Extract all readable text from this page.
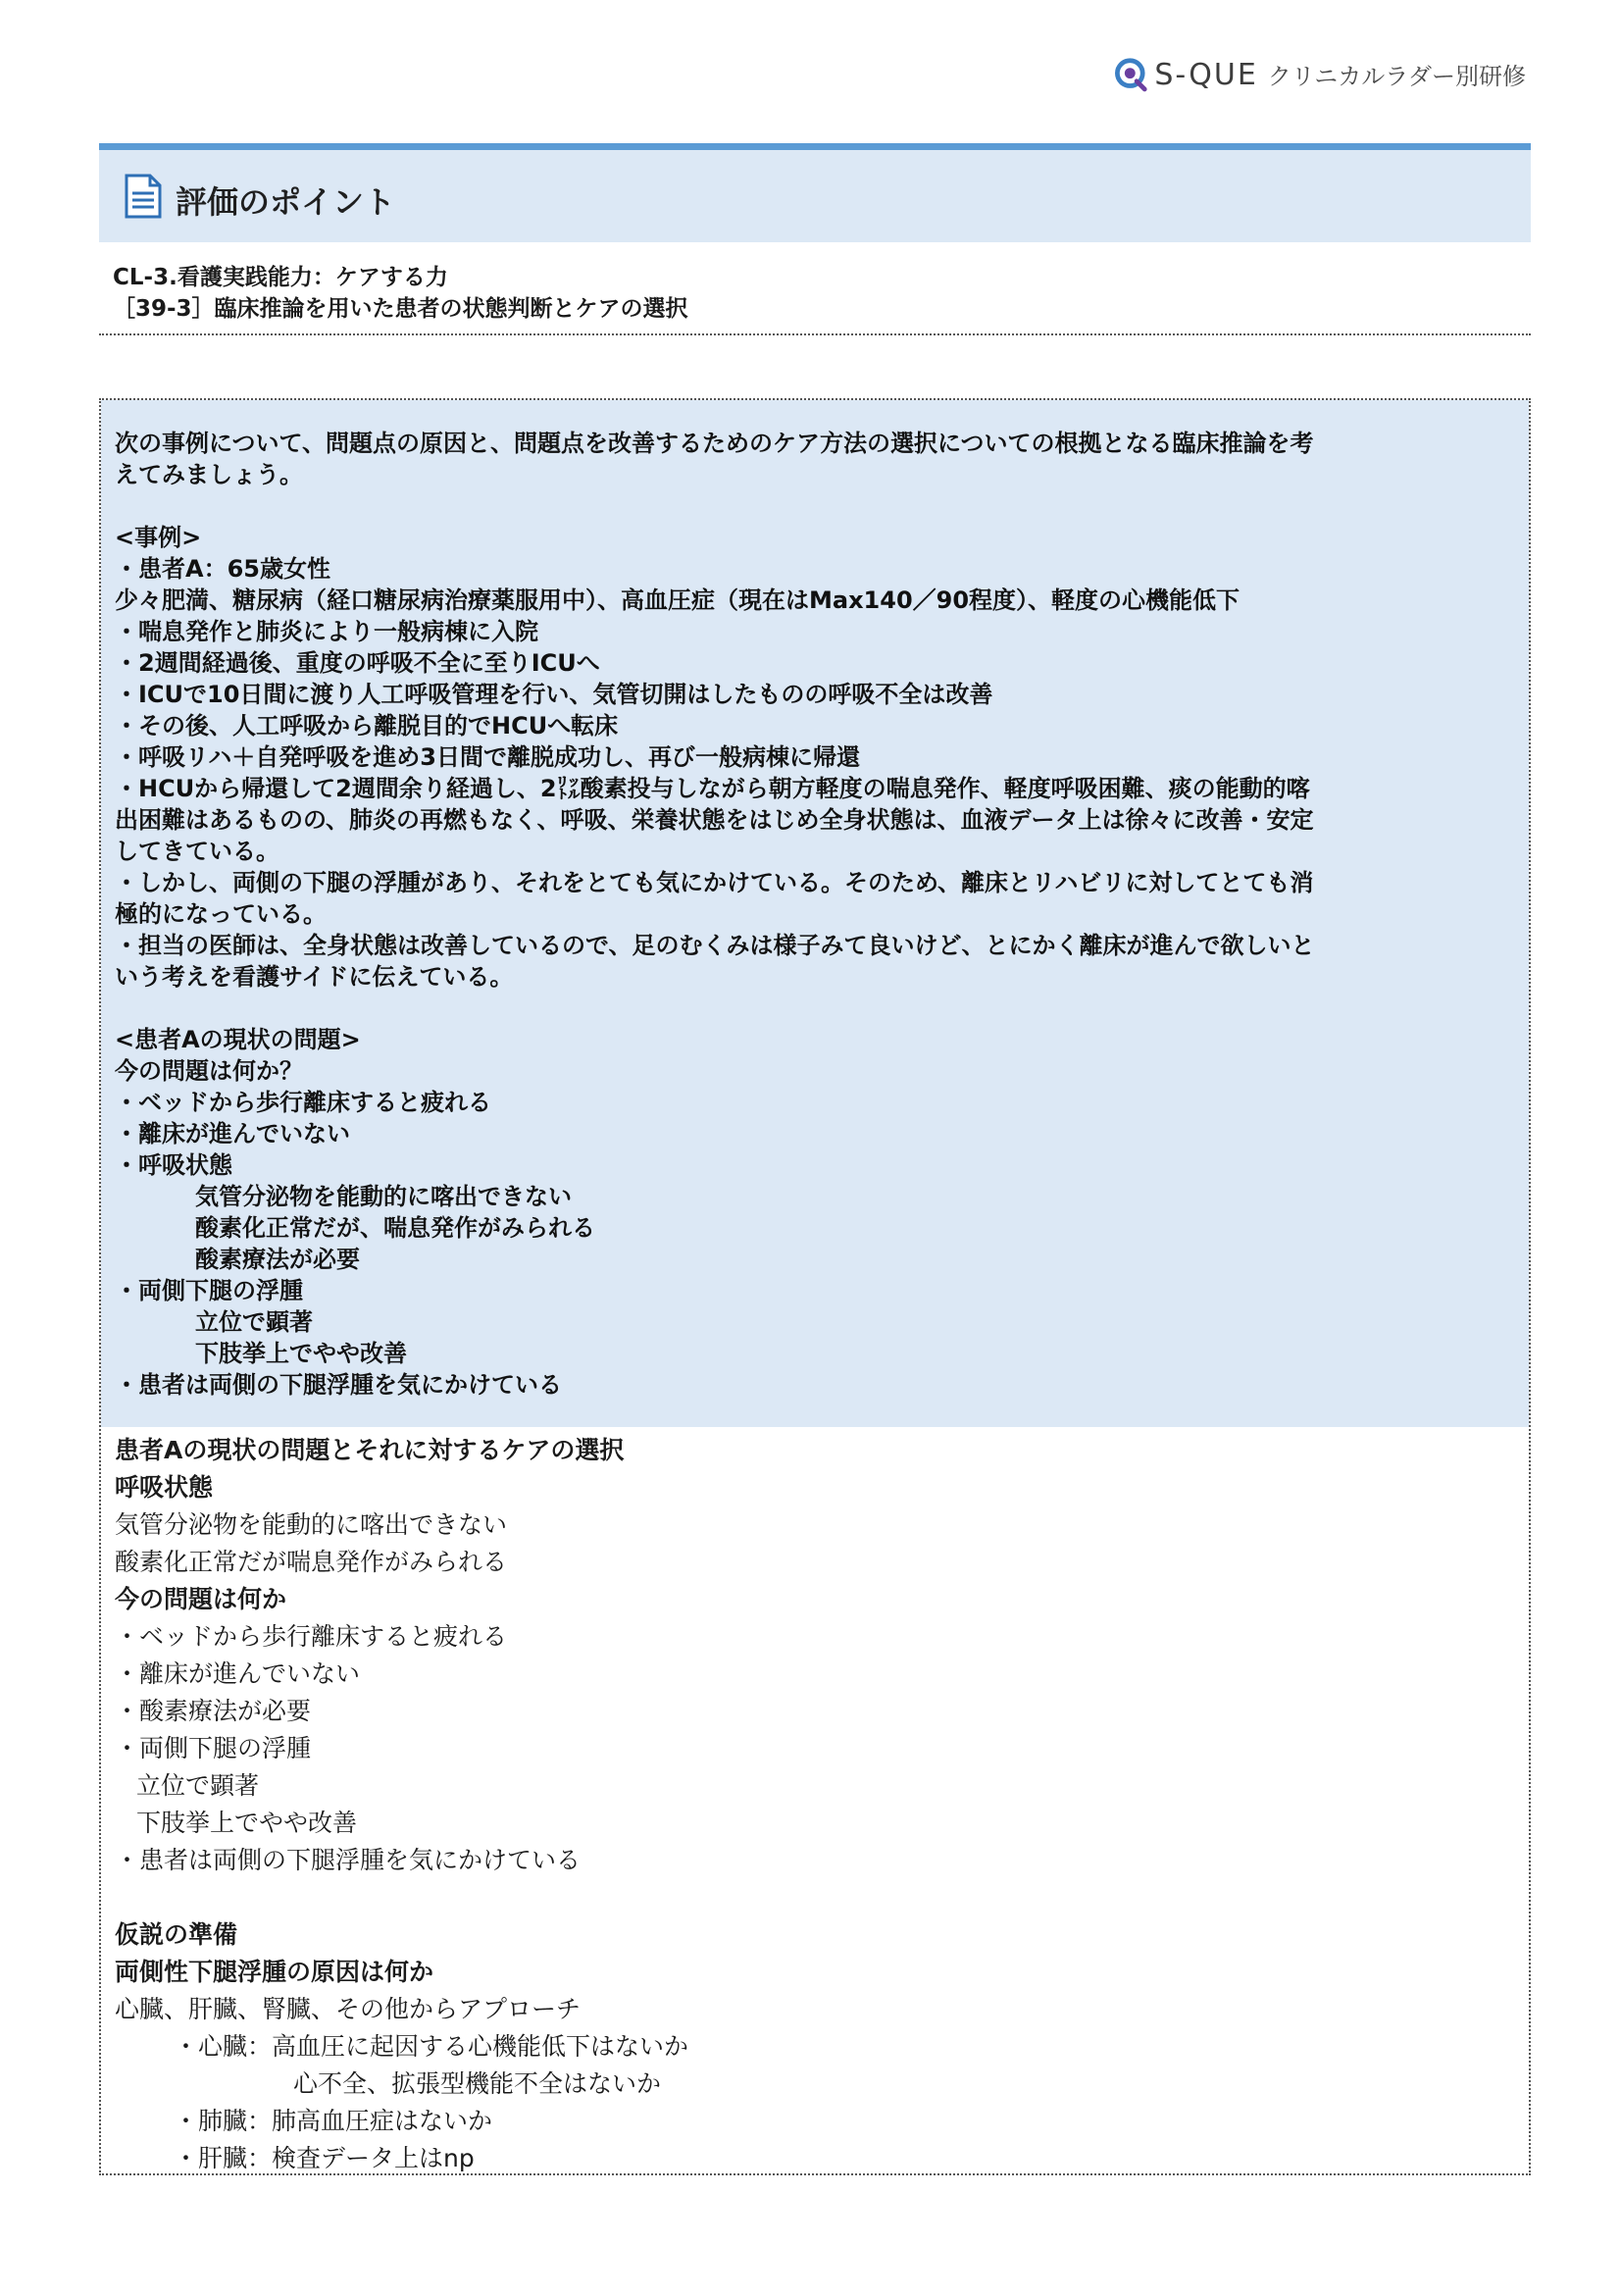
S-QUE クリニカルラダー別研修
評価のポイント
CL-3.看護実践能力：ケアする力
［39-3］臨床推論を用いた患者の状態判断とケアの選択
次の事例について、問題点の原因と、問題点を改善するためのケア方法の選択についての根拠となる臨床推論を考
えてみましょう。
<事例>
・患者A：65歳女性
少々肥満、糖尿病（経口糖尿病治療薬服用中）、高血圧症（現在はMax140／90程度）、軽度の心機能低下
・喘息発作と肺炎により一般病棟に入院
・2週間経過後、重度の呼吸不全に至りICUへ
・ICUで10日間に渡り人工呼吸管理を行い、気管切開はしたものの呼吸不全は改善
・その後、人工呼吸から離脱目的でHCUへ転床
・呼吸リハ＋自発呼吸を進め3日間で離脱成功し、再び一般病棟に帰還
・HCUから帰還して2週間余り経過し、2㍑酸素投与しながら朝方軽度の喘息発作、軽度呼吸困難、痰の能動的喀
出困難はあるものの、肺炎の再燃もなく、呼吸、栄養状態をはじめ全身状態は、血液データ上は徐々に改善・安定
してきている。
・しかし、両側の下腿の浮腫があり、それをとても気にかけている。そのため、離床とリハビリに対してとても消
極的になっている。
・担当の医師は、全身状態は改善しているので、足のむくみは様子みて良いけど、とにかく離床が進んで欲しいと
いう考えを看護サイドに伝えている。
<患者Aの現状の問題>
今の問題は何か？
・ベッドから歩行離床すると疲れる
・離床が進んでいない
・呼吸状態
気管分泌物を能動的に喀出できない
酸素化正常だが、喘息発作がみられる
酸素療法が必要
・両側下腿の浮腫
立位で顕著
下肢挙上でやや改善
・患者は両側の下腿浮腫を気にかけている
患者Aの現状の問題とそれに対するケアの選択
呼吸状態
気管分泌物を能動的に喀出できない
酸素化正常だが喘息発作がみられる
今の問題は何か
・ベッドから歩行離床すると疲れる
・離床が進んでいない
・酸素療法が必要
・両側下腿の浮腫
立位で顕著
下肢挙上でやや改善
・患者は両側の下腿浮腫を気にかけている
仮説の準備
両側性下腿浮腫の原因は何か
心臓、肝臓、腎臓、その他からアプローチ
・心臓：高血圧に起因する心機能低下はないか
心不全、拡張型機能不全はないか
・肺臓：肺高血圧症はないか
・肝臓：検査データ上はnp
